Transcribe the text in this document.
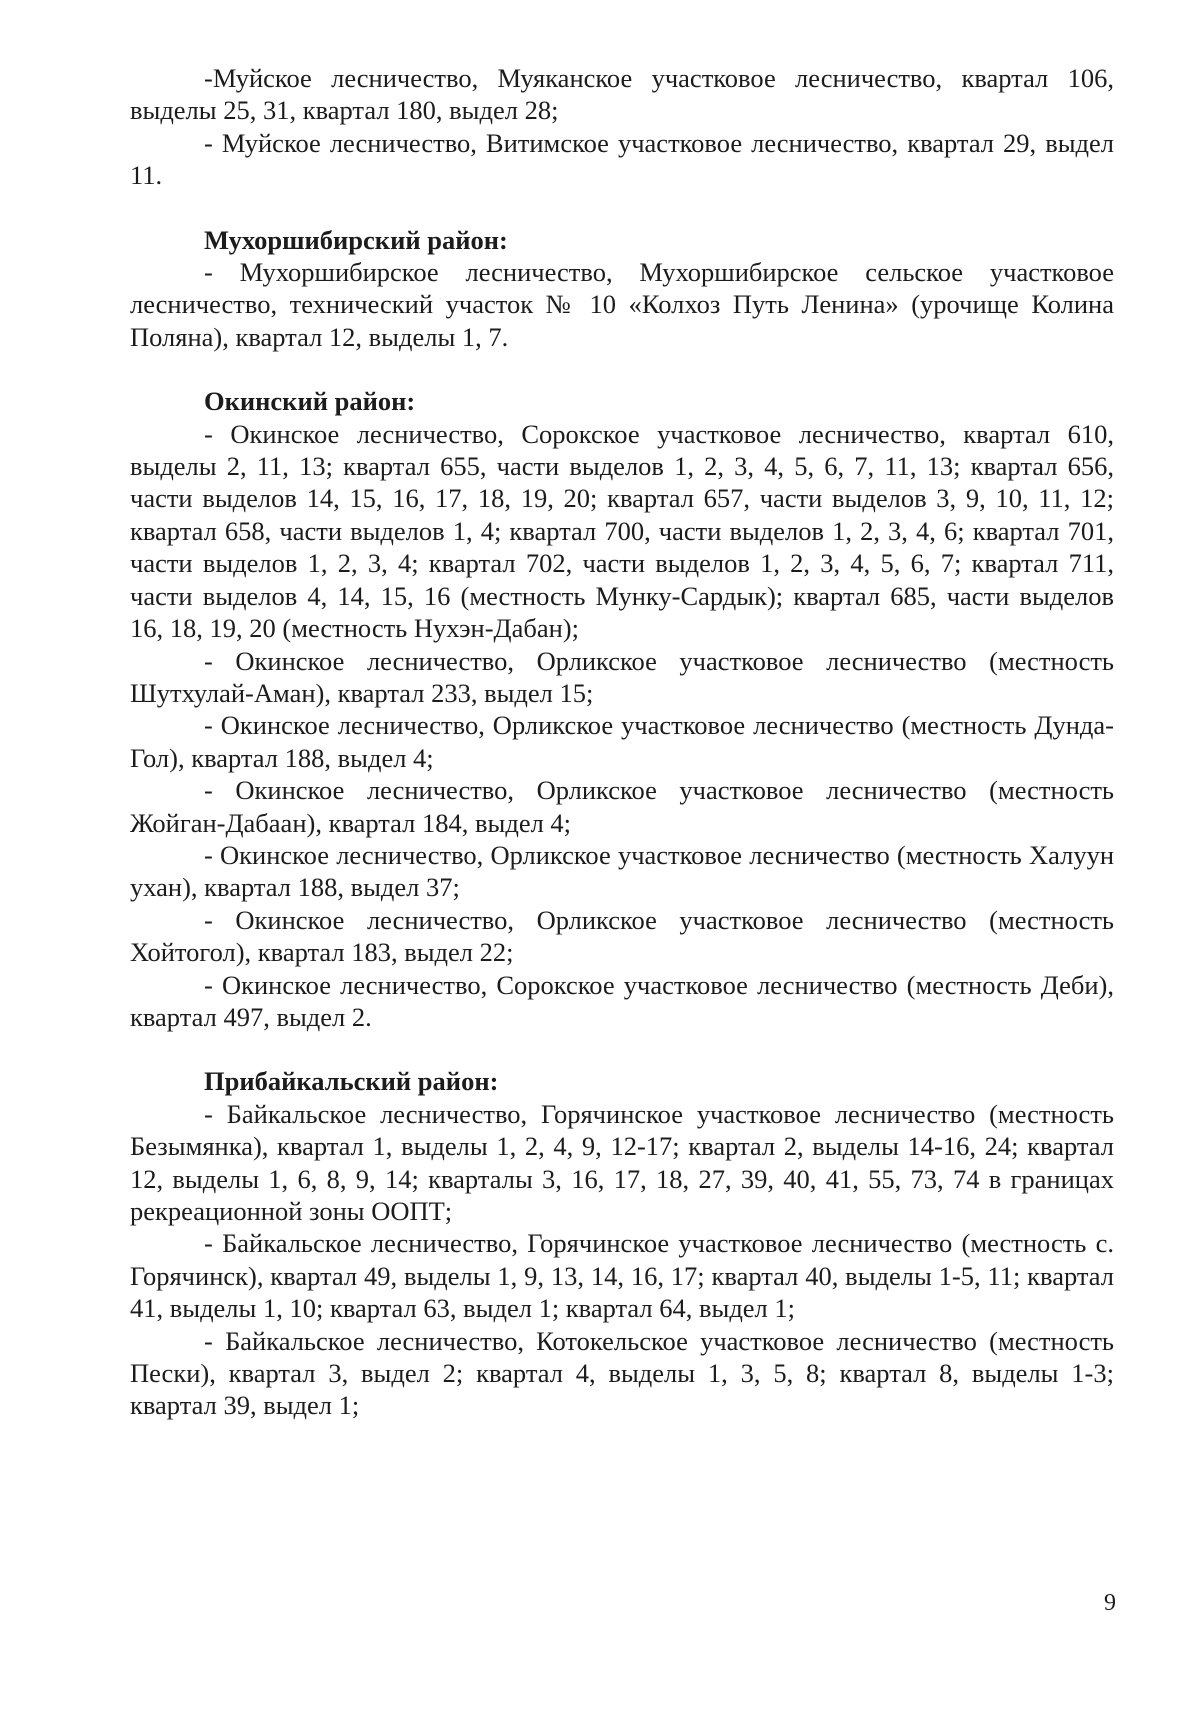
-Муйское лесничество, Муяканское участковое лесничество, квартал 106, выделы 25, 31, квартал 180, выдел 28;

- Муйское лесничество, Витимское участковое лесничество, квартал 29, выдел 11.

Мухоршибирский район:

- Мухоршибирское лесничество, Мухоршибирское сельское участковое лесничество, технический участок № 10 «Колхоз Путь Ленина» (урочище Колина Поляна), квартал 12, выделы 1, 7.

Окинский район:

- Окинское лесничество, Сорокское участковое лесничество, квартал 610, выделы 2, 11, 13; квартал 655, части выделов 1, 2, 3, 4, 5, 6, 7, 11, 13; квартал 656, части выделов 14, 15, 16, 17, 18, 19, 20; квартал 657, части выделов 3, 9, 10, 11, 12; квартал 658, части выделов 1, 4; квартал 700, части выделов 1, 2, 3, 4, 6; квартал 701, части выделов 1, 2, 3, 4; квартал 702, части выделов 1, 2, 3, 4, 5, 6, 7; квартал 711, части выделов 4, 14, 15, 16 (местность Мунку-Сардык); квартал 685, части выделов 16, 18, 19, 20 (местность Нухэн-Дабан);

- Окинское лесничество, Орликское участковое лесничество (местность Шутхулай-Аман), квартал 233, выдел 15;

- Окинское лесничество, Орликское участковое лесничество (местность Дунда-Гол), квартал 188, выдел 4;

- Окинское лесничество, Орликское участковое лесничество (местность Жойган-Дабаан), квартал 184, выдел 4;

- Окинское лесничество, Орликское участковое лесничество (местность Халуун ухан), квартал 188, выдел 37;

- Окинское лесничество, Орликское участковое лесничество (местность Хойтогол), квартал 183, выдел 22;

- Окинское лесничество, Сорокское участковое лесничество (местность Деби), квартал 497, выдел 2.

Прибайкальский район:

- Байкальское лесничество, Горячинское участковое лесничество (местность Безымянка), квартал 1, выделы 1, 2, 4, 9, 12-17; квартал 2, выделы 14-16, 24; квартал 12, выделы 1, 6, 8, 9, 14; кварталы 3, 16, 17, 18, 27, 39, 40, 41, 55, 73, 74 в границах рекреационной зоны ООПТ;

- Байкальское лесничество, Горячинское участковое лесничество (местность с. Горячинск), квартал 49, выделы 1, 9, 13, 14, 16, 17; квартал 40, выделы 1-5, 11; квартал 41, выделы 1, 10; квартал 63, выдел 1; квартал 64, выдел 1;

- Байкальское лесничество, Котокельское участковое лесничество (местность Пески), квартал 3, выдел 2; квартал 4, выделы 1, 3, 5, 8; квартал 8, выделы 1-3; квартал 39, выдел 1;

9
